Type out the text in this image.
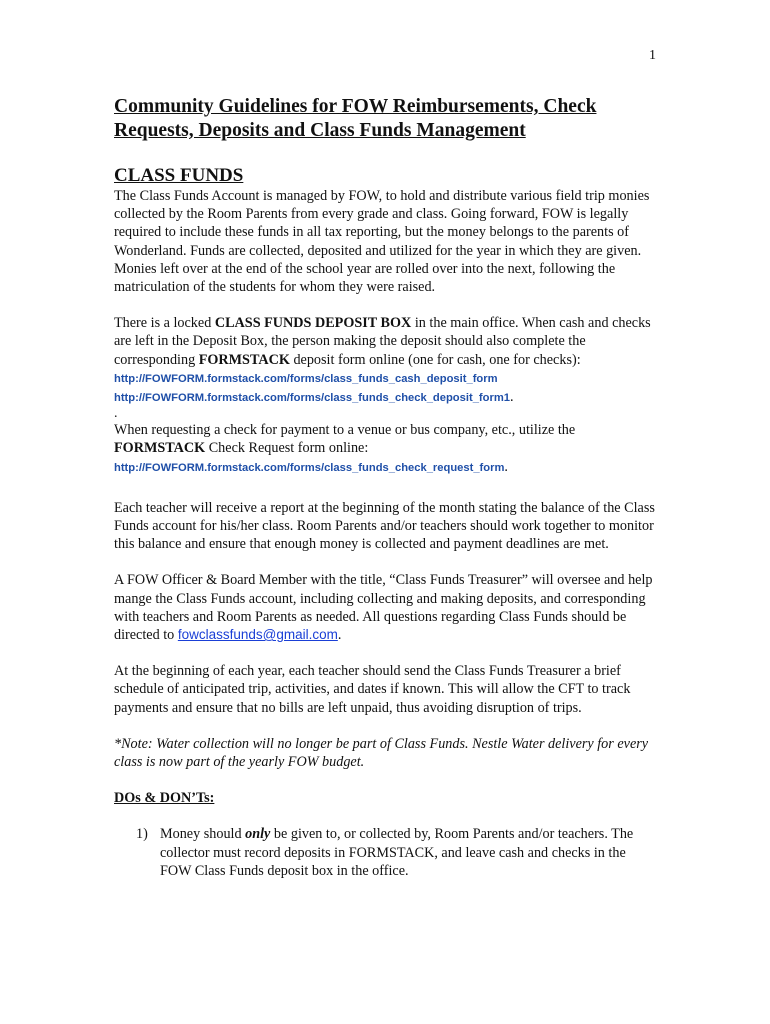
1
Community Guidelines for FOW Reimbursements, Check Requests, Deposits and Class Funds Management
CLASS FUNDS

The Class Funds Account is managed by FOW, to hold and distribute various field trip monies collected by the Room Parents from every grade and class. Going forward, FOW is legally required to include these funds in all tax reporting, but the money belongs to the parents of Wonderland. Funds are collected, deposited and utilized for the year in which they are given. Monies left over at the end of the school year are rolled over into the next, following the matriculation of the students for whom they were raised.

There is a locked CLASS FUNDS DEPOSIT BOX in the main office. When cash and checks are left in the Deposit Box, the person making the deposit should also complete the corresponding FORMSTACK deposit form online (one for cash, one for checks): http://FOWFORM.formstack.com/forms/class_funds_cash_deposit_form
http://FOWFORM.formstack.com/forms/class_funds_check_deposit_form1.

.

When requesting a check for payment to a venue or bus company, etc., utilize the FORMSTACK Check Request form online:
http://FOWFORM.formstack.com/forms/class_funds_check_request_form.

Each teacher will receive a report at the beginning of the month stating the balance of the Class Funds account for his/her class. Room Parents and/or teachers should work together to monitor this balance and ensure that enough money is collected and payment deadlines are met.

A FOW Officer & Board Member with the title, “Class Funds Treasurer” will oversee and help mange the Class Funds account, including collecting and making deposits, and corresponding with teachers and Room Parents as needed. All questions regarding Class Funds should be directed to fowclassfunds@gmail.com.

At the beginning of each year, each teacher should send the Class Funds Treasurer a brief schedule of anticipated trip, activities, and dates if known. This will allow the CFT to track payments and ensure that no bills are left unpaid, thus avoiding disruption of trips.

*Note: Water collection will no longer be part of Class Funds. Nestle Water delivery for every class is now part of the yearly FOW budget.

DOs & DON’Ts:

1) Money should only be given to, or collected by, Room Parents and/or teachers. The collector must record deposits in FORMSTACK, and leave cash and checks in the FOW Class Funds deposit box in the office.
